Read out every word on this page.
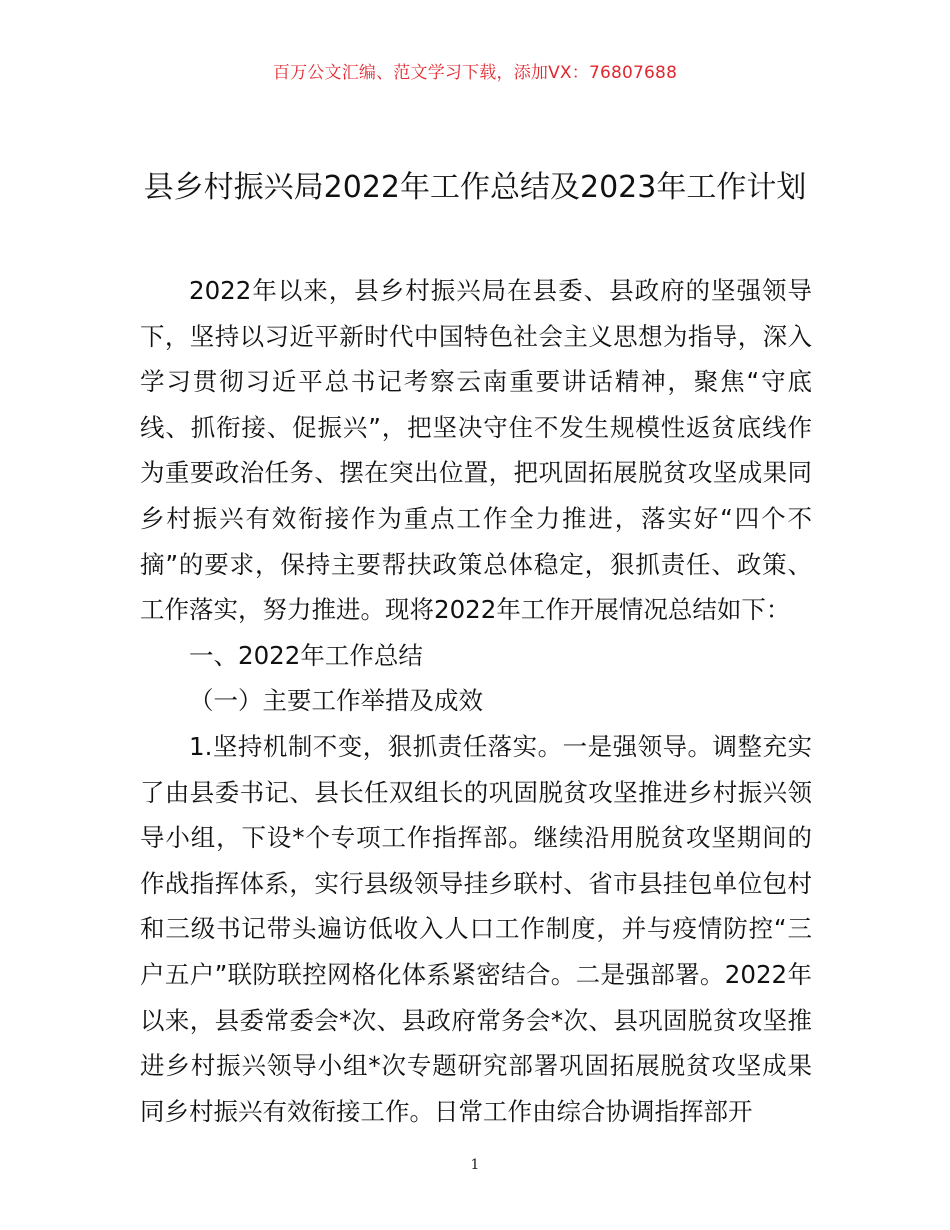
百万公文汇编、范文学习下载，添加VX：76807688
县乡村振兴局2022年工作总结及2023年工作计划

2022年以来，县乡村振兴局在县委、县政府的坚强领导下，坚持以习近平新时代中国特色社会主义思想为指导，深入学习贯彻习近平总书记考察云南重要讲话精神，聚焦“守底线、抓衔接、促振兴”，把坚决守住不发生规模性返贫底线作为重要政治任务、摆在突出位置，把巩固拓展脱贫攻坚成果同乡村振兴有效衔接作为重点工作全力推进，落实好“四个不摘”的要求，保持主要帮扶政策总体稳定，狠抓责任、政策、工作落实，努力推进。现将2022年工作开展情况总结如下：

一、2022年工作总结

（一）主要工作举措及成效

1.坚持机制不变，狠抓责任落实。一是强领导。调整充实了由县委书记、县长任双组长的巩固脱贫攻坚推进乡村振兴领导小组，下设*个专项工作指挥部。继续沿用脱贫攻坚期间的作战指挥体系，实行县级领导挂乡联村、省市县挂包单位包村和三级书记带头遍访低收入人口工作制度，并与疫情防控“三户五户”联防联控网格化体系紧密结合。二是强部署。2022年以来，县委常委会*次、县政府常务会*次、县巩固脱贫攻坚推进乡村振兴领导小组*次专题研究部署巩固拓展脱贫攻坚成果同乡村振兴有效衔接工作。日常工作由综合协调指挥部开

1
